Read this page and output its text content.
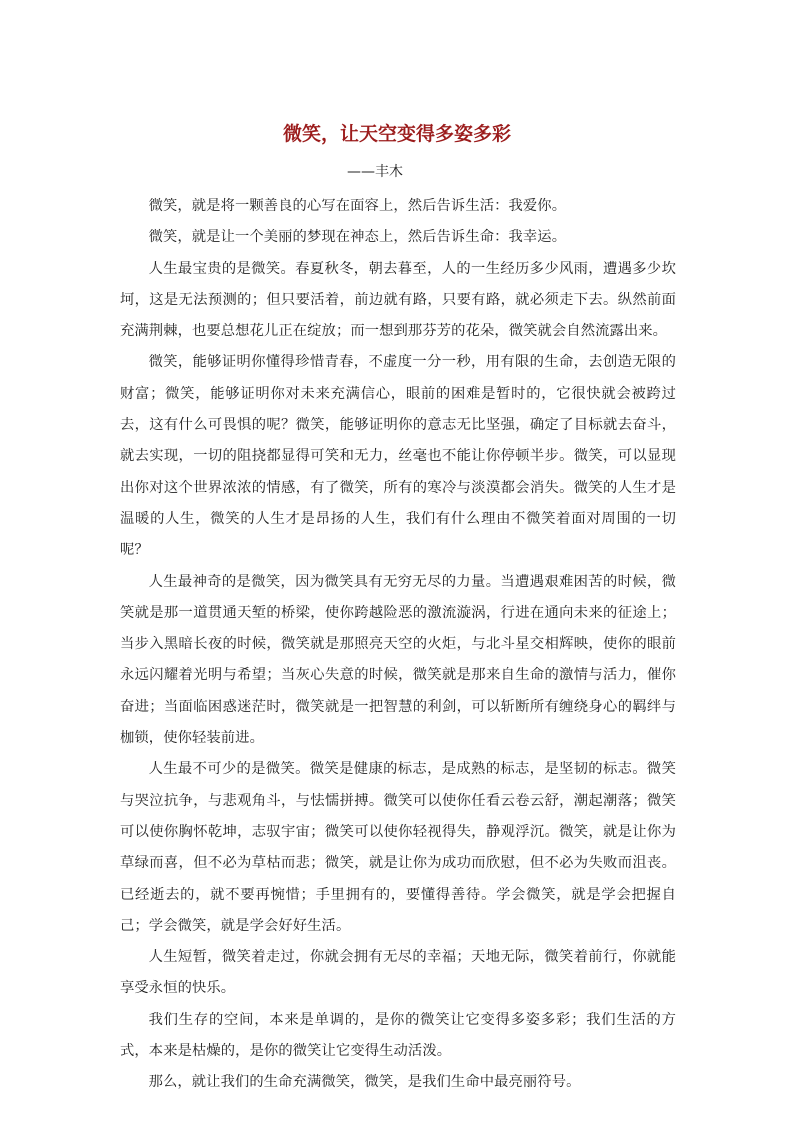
微笑，让天空变得多姿多彩

——丰木

微笑，就是将一颗善良的心写在面容上，然后告诉生活：我爱你。

微笑，就是让一个美丽的梦现在神态上，然后告诉生命：我幸运。

人生最宝贵的是微笑。春夏秋冬，朝去暮至，人的一生经历多少风雨，遭遇多少坎坷，这是无法预测的；但只要活着，前边就有路，只要有路，就必须走下去。纵然前面充满荆棘，也要总想花儿正在绽放；而一想到那芬芳的花朵，微笑就会自然流露出来。

微笑，能够证明你懂得珍惜青春，不虚度一分一秒，用有限的生命，去创造无限的财富；微笑，能够证明你对未来充满信心，眼前的困难是暂时的，它很快就会被跨过去，这有什么可畏惧的呢？微笑，能够证明你的意志无比坚强，确定了目标就去奋斗，就去实现，一切的阻挠都显得可笑和无力，丝毫也不能让你停顿半步。微笑，可以显现出你对这个世界浓浓的情感，有了微笑，所有的寒冷与淡漠都会消失。微笑的人生才是温暖的人生，微笑的人生才是昂扬的人生，我们有什么理由不微笑着面对周围的一切呢？

人生最神奇的是微笑，因为微笑具有无穷无尽的力量。当遭遇艰难困苦的时候，微笑就是那一道贯通天堑的桥梁，使你跨越险恶的激流漩涡，行进在通向未来的征途上；当步入黑暗长夜的时候，微笑就是那照亮天空的火炬，与北斗星交相辉映，使你的眼前永远闪耀着光明与希望；当灰心失意的时候，微笑就是那来自生命的激情与活力，催你奋进；当面临困惑迷茫时，微笑就是一把智慧的利剑，可以斩断所有缠绕身心的羁绊与枷锁，使你轻装前进。

人生最不可少的是微笑。微笑是健康的标志，是成熟的标志，是坚韧的标志。微笑与哭泣抗争，与悲观角斗，与怯懦拼搏。微笑可以使你任看云卷云舒，潮起潮落；微笑可以使你胸怀乾坤，志驭宇宙；微笑可以使你轻视得失，静观浮沉。微笑，就是让你为草绿而喜，但不必为草枯而悲；微笑，就是让你为成功而欣慰，但不必为失败而沮丧。已经逝去的，就不要再惋惜；手里拥有的，要懂得善待。学会微笑，就是学会把握自己；学会微笑，就是学会好好生活。

人生短暂，微笑着走过，你就会拥有无尽的幸福；天地无际，微笑着前行，你就能享受永恒的快乐。

我们生存的空间，本来是单调的，是你的微笑让它变得多姿多彩；我们生活的方式，本来是枯燥的，是你的微笑让它变得生动活泼。

那么，就让我们的生命充满微笑，微笑，是我们生命中最亮丽符号。
